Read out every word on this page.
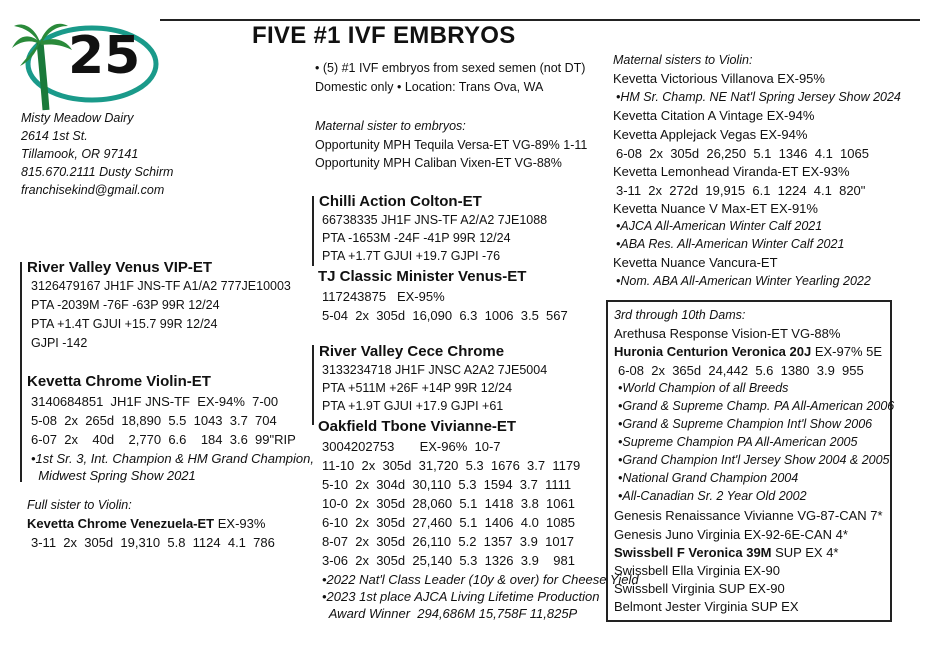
25	FIVE #1 IVF EMBRYOS
• (5) #1 IVF embryos from sexed semen (not DT)
Domestic only • Location: Trans Ova, WA
Misty Meadow Dairy
2614 1st St.
Tillamook, OR 97141
815.670.2111 Dusty Schirm
franchisekind@gmail.com
River Valley Venus VIP-ET
3126479167 JH1F JNS-TF A1/A2 777JE10003
PTA -2039M -76F -63P 99R 12/24
PTA +1.4T GJUI +15.7 99R 12/24
GJPI -142
Kevetta Chrome Violin-ET
3140684851  JH1F JNS-TF  EX-94%  7-00
5-08  2x  265d  18,890  5.5  1043  3.7  704
6-07  2x    40d    2,770  6.6    184  3.6  99"RIP
•1st Sr. 3, Int. Champion & HM Grand Champion,
Midwest Spring Show 2021
Full sister to Violin:
Kevetta Chrome Venezuela-ET EX-93%
3-11  2x  305d  19,310  5.8  1124  4.1  786
Maternal sister to embryos:
Opportunity MPH Tequila Versa-ET VG-89% 1-11
Opportunity MPH Caliban Vixen-ET VG-88%
Chilli Action Colton-ET
66738335 JH1F JNS-TF A2/A2 7JE1088
PTA -1653M -24F -41P 99R 12/24
PTA +1.7T GJUI +19.7 GJPI -76
TJ Classic Minister Venus-ET
117243875   EX-95%
5-04  2x  305d  16,090  6.3  1006  3.5  567
River Valley Cece Chrome
3133234718 JH1F JNSC A2A2 7JE5004
PTA +511M +26F +14P 99R 12/24
PTA +1.9T GJUI +17.9 GJPI +61
Oakfield Tbone Vivianne-ET
3004202753       EX-96%  10-7
11-10  2x  305d  31,720  5.3  1676  3.7  1179
5-10  2x  304d  30,110  5.3  1594  3.7  1111
10-0  2x  305d  28,060  5.1  1418  3.8  1061
6-10  2x  305d  27,460  5.1  1406  4.0  1085
8-07  2x  305d  26,110  5.2  1357  3.9  1017
3-06  2x  305d  25,140  5.3  1326  3.9    981
•2022 Nat'l Class Leader (10y & over) for Cheese Yield
•2023 1st place AJCA Living Lifetime Production
Award Winner  294,686M 15,758F 11,825P
Maternal sisters to Violin:
Kevetta Victorious Villanova EX-95%
•HM Sr. Champ. NE Nat'l Spring Jersey Show 2024
Kevetta Citation A Vintage EX-94%
Kevetta Applejack Vegas EX-94%
6-08  2x  305d  26,250  5.1  1346  4.1  1065
Kevetta Lemonhead Viranda-ET EX-93%
3-11  2x  272d  19,915  6.1  1224  4.1  820"
Kevetta Nuance V Max-ET EX-91%
•AJCA All-American Winter Calf 2021
•ABA Res. All-American Winter Calf 2021
Kevetta Nuance Vancura-ET
•Nom. ABA All-American Winter Yearling 2022
3rd through 10th Dams:
Arethusa Response Vision-ET VG-88%
Huronia Centurion Veronica 20J EX-97% 5E
6-08  2x  365d  24,442  5.6  1380  3.9  955
•World Champion of all Breeds
•Grand & Supreme Champ. PA All-American 2006
•Grand & Supreme Champion Int'l Show 2006
•Supreme Champion PA All-American 2005
•Grand Champion Int'l Jersey Show 2004 & 2005
•National Grand Champion 2004
•All-Canadian Sr. 2 Year Old 2002
Genesis Renaissance Vivianne VG-87-CAN 7*
Genesis Juno Virginia EX-92-6E-CAN 4*
Swissbell F Veronica 39M SUP EX 4*
Swissbell Ella Virginia EX-90
Swissbell Virginia SUP EX-90
Belmont Jester Virginia SUP EX
